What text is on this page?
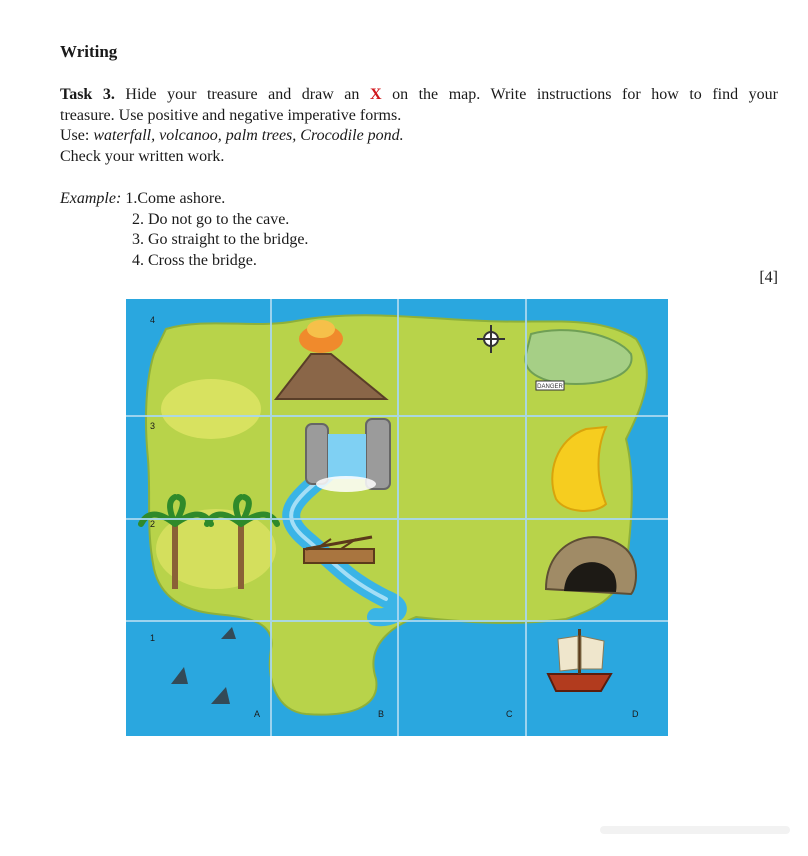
Writing

Task 3. Hide your treasure and draw an X on the map. Write instructions for how to find your

treasure. Use positive and negative imperative forms.

Use: waterfall, volcanoo, palm trees, Crocodile pond.

Check your written work.

Example: 1.Come ashore.
2. Do not go to the cave.
3. Go straight to the bridge.
4. Cross the bridge.
[4]
DANGER
A	B	C	D
1
2
3
4
